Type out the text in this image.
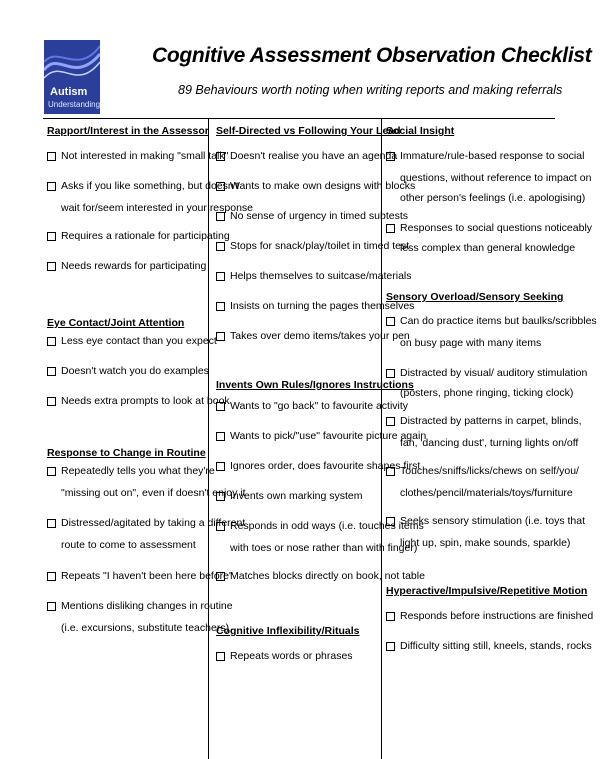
Autism
Understanding
Cognitive Assessment Observation Checklist
89 Behaviours worth noting when writing reports and making referrals
Rapport/Interest in the Assessor
Not interested in making "small talk"
Asks if you like something, but doesn't
wait for/seem interested in your response
Requires a rationale for participating
Needs rewards for participating
Eye Contact/Joint Attention
Less eye contact than you expect
Doesn't watch you do examples
Needs extra prompts to look at book
Response to Change in Routine
Repeatedly tells you what they're
"missing out on", even if doesn't enjoy it
Distressed/agitated by taking a different
route to come to assessment
Repeats "I haven't been here before"
Mentions disliking changes in routine
(i.e. excursions, substitute teachers)
Self-Directed vs Following Your Lead
Doesn't realise you have an agenda
Wants to make own designs with blocks
No sense of urgency in timed subtests
Stops for snack/play/toilet in timed test
Helps themselves to suitcase/materials
Insists on turning the pages themselves
Takes over demo items/takes your pen
Invents Own Rules/Ignores Instructions
Wants to "go back" to favourite activity
Wants to pick/"use" favourite picture again
Ignores order, does favourite shapes first
Invents own marking system
Responds in odd ways (i.e. touches items
with toes or nose rather than with finger)
Matches blocks directly on book, not table
Cognitive Inflexibility/Rituals
Repeats words or phrases
Social Insight
Immature/rule-based response to social
questions, without reference to impact on
other person's feelings (i.e. apologising)
Responses to social questions noticeably
less complex than general knowledge
Sensory Overload/Sensory Seeking
Can do practice items but baulks/scribbles
on busy page with many items
Distracted by visual/ auditory stimulation
(posters, phone ringing, ticking clock)
Distracted by patterns in carpet, blinds,
fan, 'dancing dust', turning lights on/off
Touches/sniffs/licks/chews on self/you/
clothes/pencil/materials/toys/furniture
Seeks sensory stimulation (i.e. toys that
light up, spin, make sounds, sparkle)
Hyperactive/Impulsive/Repetitive Motion
Responds before instructions are finished
Difficulty sitting still, kneels, stands, rocks
